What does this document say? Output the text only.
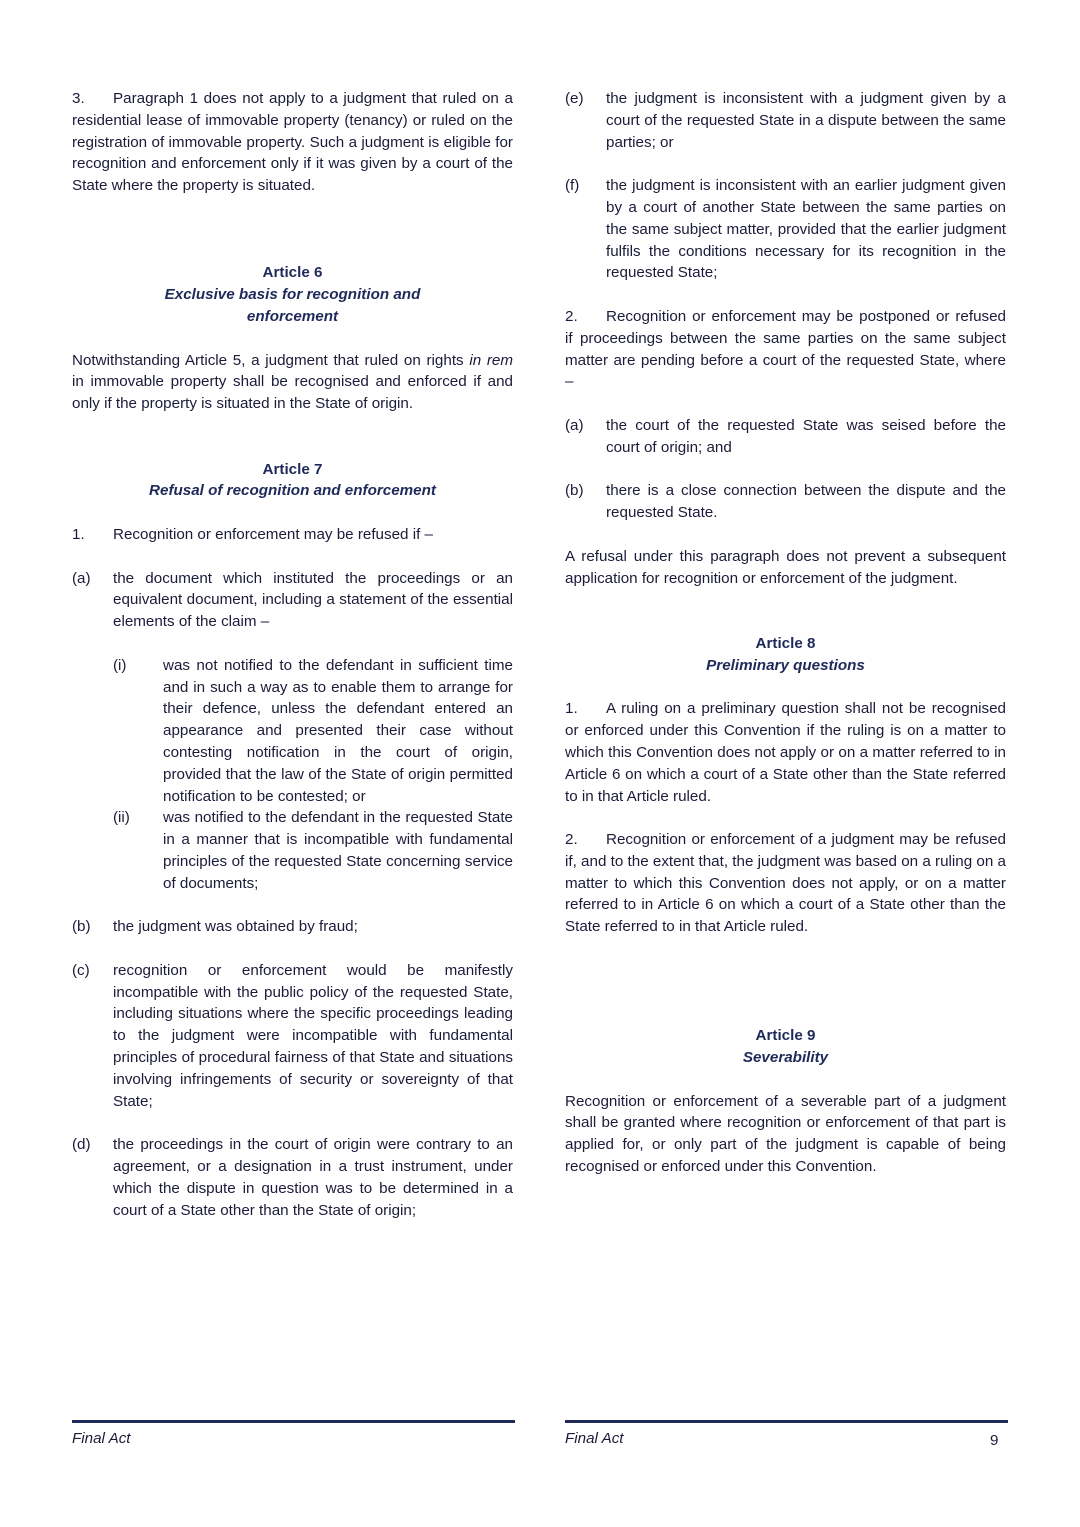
3. Paragraph 1 does not apply to a judgment that ruled on a residential lease of immovable property (tenancy) or ruled on the registration of immovable property. Such a judgment is eligible for recognition and enforcement only if it was given by a court of the State where the property is situated.

Article 6

Exclusive basis for recognition and

enforcement

Notwithstanding Article 5, a judgment that ruled on rights in rem in immovable property shall be recognised and enforced if and only if the property is situated in the State of origin.

Article 7

Refusal of recognition and enforcement

1.	Recognition or enforcement may be refused if –
(a)	the document which instituted the proceedings or an equivalent document, including a statement of the essential elements of the claim –
(i)	was not notified to the defendant in sufficient time and in such a way as to enable them to arrange for their defence, unless the defendant entered an appearance and presented their case without contesting notification in the court of origin, provided that the law of the State of origin permitted notification to be contested; or
(ii)	was notified to the defendant in the requested State in a manner that is incompatible with fundamental principles of the requested State concerning service of documents;
(b)	the judgment was obtained by fraud;
(c)	recognition or enforcement would be manifestly incompatible with the public policy of the requested State, including situations where the specific proceedings leading to the judgment were incompatible with fundamental principles of procedural fairness of that State and situations involving infringements of security or sovereignty of that State;
(d)	the proceedings in the court of origin were contrary to an agreement, or a designation in a trust instrument, under which the dispute in question was to be determined in a court of a State other than the State of origin;
(e)	the judgment is inconsistent with a judgment given by a court of the requested State in a dispute between the same parties; or
(f)	the judgment is inconsistent with an earlier judgment given by a court of another State between the same parties on the same subject matter, provided that the earlier judgment fulfils the conditions necessary for its recognition in the requested State;

2. Recognition or enforcement may be postponed or refused if proceedings between the same parties on the same subject matter are pending before a court of the requested State, where –

(a)	the court of the requested State was seised before the court of origin; and
(b)	there is a close connection between the dispute and the requested State.

A refusal under this paragraph does not prevent a subsequent application for recognition or enforcement of the judgment.

Article 8

Preliminary questions

1. A ruling on a preliminary question shall not be recognised or enforced under this Convention if the ruling is on a matter to which this Convention does not apply or on a matter referred to in Article 6 on which a court of a State other than the State referred to in that Article ruled.

2. Recognition or enforcement of a judgment may be refused if, and to the extent that, the judgment was based on a ruling on a matter to which this Convention does not apply, or on a matter referred to in Article 6 on which a court of a State other than the State referred to in that Article ruled.

Article 9

Severability

Recognition or enforcement of a severable part of a judgment shall be granted where recognition or enforcement of that part is applied for, or only part of the judgment is capable of being recognised or enforced under this Convention.

Final Act	Final Act	9
